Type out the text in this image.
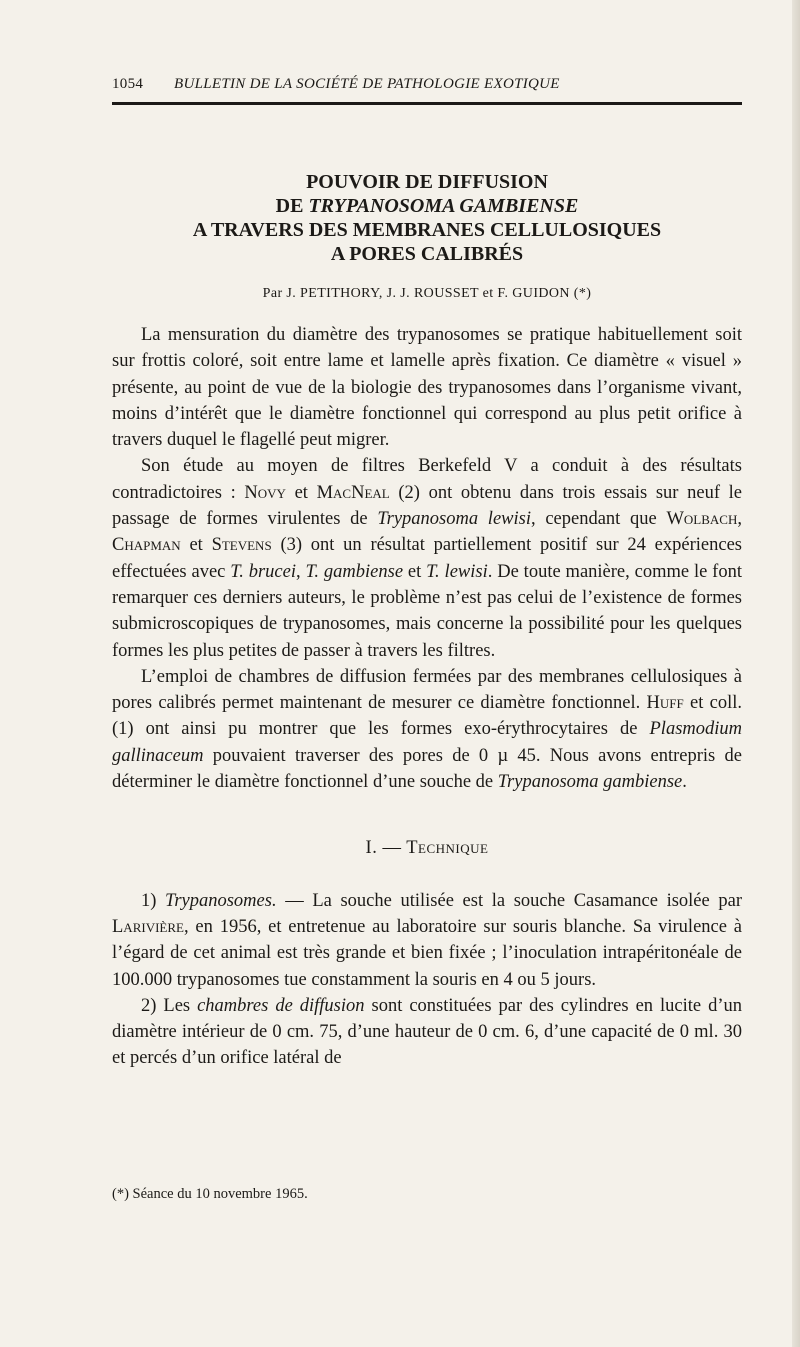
1054 BULLETIN DE LA SOCIÉTÉ DE PATHOLOGIE EXOTIQUE
POUVOIR DE DIFFUSION
DE TRYPANOSOMA GAMBIENSE
A TRAVERS DES MEMBRANES CELLULOSIQUES
A PORES CALIBRÉS
Par J. PETITHORY, J. J. ROUSSET et F. GUIDON (*)

La mensuration du diamètre des trypanosomes se pratique habituellement soit sur frottis coloré, soit entre lame et lamelle après fixation. Ce diamètre « visuel » présente, au point de vue de la biologie des trypanosomes dans l’organisme vivant, moins d’intérêt que le diamètre fonctionnel qui correspond au plus petit orifice à travers duquel le flagellé peut migrer.

Son étude au moyen de filtres Berkefeld V a conduit à des résultats contradictoires : Novy et MacNeal (2) ont obtenu dans trois essais sur neuf le passage de formes virulentes de Trypanosoma lewisi, cependant que Wolbach, Chapman et Stevens (3) ont un résultat partiellement positif sur 24 expériences effectuées avec T. brucei, T. gambiense et T. lewisi. De toute manière, comme le font remarquer ces derniers auteurs, le problème n’est pas celui de l’existence de formes submicroscopiques de trypanosomes, mais concerne la possibilité pour les quelques formes les plus petites de passer à travers les filtres.

L’emploi de chambres de diffusion fermées par des membranes cellulosiques à pores calibrés permet maintenant de mesurer ce diamètre fonctionnel. Huff et coll. (1) ont ainsi pu montrer que les formes exo-érythrocytaires de Plasmodium gallinaceum pouvaient traverser des pores de 0 µ 45. Nous avons entrepris de déterminer le diamètre fonctionnel d’une souche de Trypanosoma gambiense.

I. — Technique

1) Trypanosomes. — La souche utilisée est la souche Casamance isolée par Larivière, en 1956, et entretenue au laboratoire sur souris blanche. Sa virulence à l’égard de cet animal est très grande et bien fixée ; l’inoculation intrapéritonéale de 100.000 trypanosomes tue constamment la souris en 4 ou 5 jours.

2) Les chambres de diffusion sont constituées par des cylindres en lucite d’un diamètre intérieur de 0 cm. 75, d’une hauteur de 0 cm. 6, d’une capacité de 0 ml. 30 et percés d’un orifice latéral de

(*) Séance du 10 novembre 1965.
